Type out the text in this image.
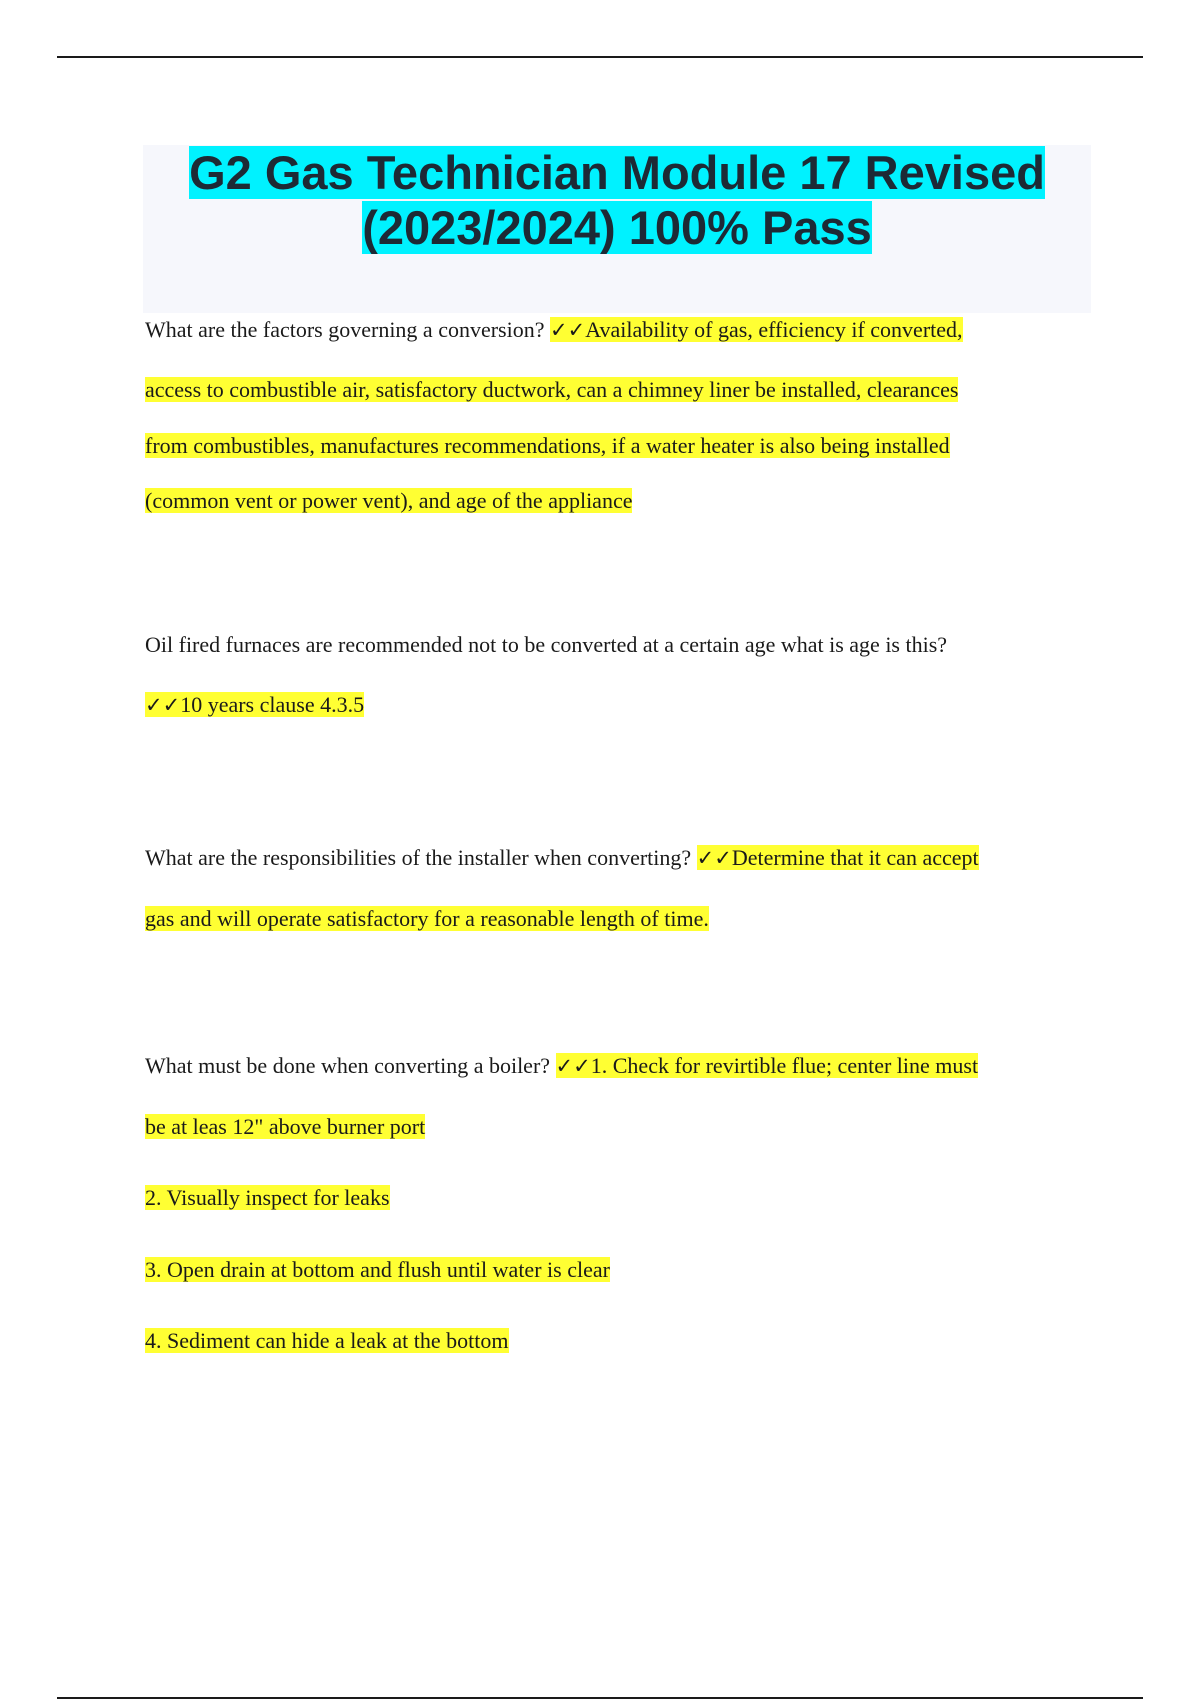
G2 Gas Technician Module 17 Revised
(2023/2024) 100% Pass
What are the factors governing a conversion? ✓✓Availability of gas, efficiency if converted,
access to combustible air, satisfactory ductwork, can a chimney liner be installed, clearances
from combustibles, manufactures recommendations, if a water heater is also being installed
(common vent or power vent), and age of the appliance
Oil fired furnaces are recommended not to be converted at a certain age what is age is this?
✓✓10 years clause 4.3.5
What are the responsibilities of the installer when converting? ✓✓Determine that it can accept
gas and will operate satisfactory for a reasonable length of time.
What must be done when converting a boiler? ✓✓1. Check for revirtible flue; center line must
be at leas 12" above burner port
2. Visually inspect for leaks
3. Open drain at bottom and flush until water is clear
4. Sediment can hide a leak at the bottom
